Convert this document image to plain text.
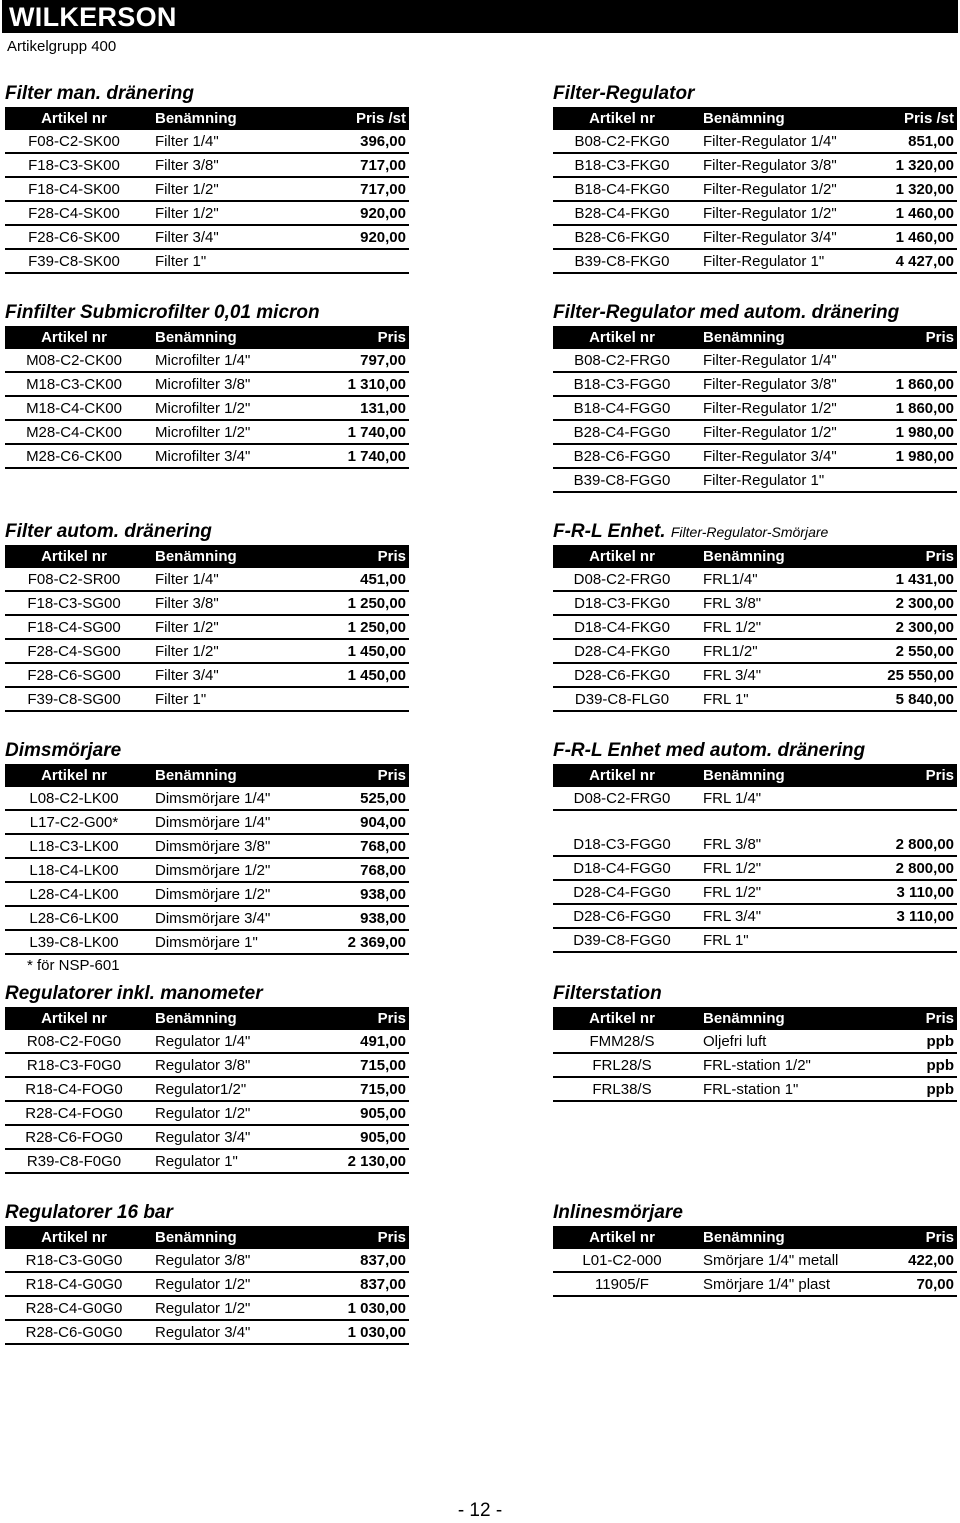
WILKERSON
Artikelgrupp 400
Filter man. dränering
Artikel nr	Benämning	Pris /st
F08-C2-SK00	Filter 1/4"	396,00
F18-C3-SK00	Filter 3/8"	717,00
F18-C4-SK00	Filter 1/2"	717,00
F28-C4-SK00	Filter 1/2"	920,00
F28-C6-SK00	Filter 3/4"	920,00
F39-C8-SK00	Filter 1"
Filter-Regulator
Artikel nr	Benämning	Pris /st
B08-C2-FKG0	Filter-Regulator 1/4"	851,00
B18-C3-FKG0	Filter-Regulator 3/8"	1 320,00
B18-C4-FKG0	Filter-Regulator 1/2"	1 320,00
B28-C4-FKG0	Filter-Regulator 1/2"	1 460,00
B28-C6-FKG0	Filter-Regulator 3/4"	1 460,00
B39-C8-FKG0	Filter-Regulator 1"	4 427,00
Finfilter Submicrofilter 0,01 micron
Artikel nr	Benämning	Pris
M08-C2-CK00	Microfilter 1/4"	797,00
M18-C3-CK00	Microfilter 3/8"	1 310,00
M18-C4-CK00	Microfilter 1/2"	131,00
M28-C4-CK00	Microfilter 1/2"	1 740,00
M28-C6-CK00	Microfilter 3/4"	1 740,00
Filter-Regulator med autom. dränering
Artikel nr	Benämning	Pris
B08-C2-FRG0	Filter-Regulator 1/4"
B18-C3-FGG0	Filter-Regulator 3/8"	1 860,00
B18-C4-FGG0	Filter-Regulator 1/2"	1 860,00
B28-C4-FGG0	Filter-Regulator 1/2"	1 980,00
B28-C6-FGG0	Filter-Regulator 3/4"	1 980,00
B39-C8-FGG0	Filter-Regulator 1"
Filter autom. dränering
Artikel nr	Benämning	Pris
F08-C2-SR00	Filter 1/4"	451,00
F18-C3-SG00	Filter 3/8"	1 250,00
F18-C4-SG00	Filter 1/2"	1 250,00
F28-C4-SG00	Filter 1/2"	1 450,00
F28-C6-SG00	Filter 3/4"	1 450,00
F39-C8-SG00	Filter 1"
F-R-L Enhet. Filter-Regulator-Smörjare
Artikel nr	Benämning	Pris
D08-C2-FRG0	FRL1/4"	1 431,00
D18-C3-FKG0	FRL 3/8"	2 300,00
D18-C4-FKG0	FRL 1/2"	2 300,00
D28-C4-FKG0	FRL1/2"	2 550,00
D28-C6-FKG0	FRL 3/4"	25 550,00
D39-C8-FLG0	FRL 1"	5 840,00
Dimsmörjare
Artikel nr	Benämning	Pris
L08-C2-LK00	Dimsmörjare 1/4"	525,00
L17-C2-G00*	Dimsmörjare 1/4"	904,00
L18-C3-LK00	Dimsmörjare 3/8"	768,00
L18-C4-LK00	Dimsmörjare 1/2"	768,00
L28-C4-LK00	Dimsmörjare 1/2"	938,00
L28-C6-LK00	Dimsmörjare 3/4"	938,00
L39-C8-LK00	Dimsmörjare 1"	2 369,00
* för NSP-601
F-R-L Enhet med autom. dränering
Artikel nr	Benämning	Pris
D08-C2-FRG0	FRL 1/4"
D18-C3-FGG0	FRL 3/8"	2 800,00
D18-C4-FGG0	FRL 1/2"	2 800,00
D28-C4-FGG0	FRL 1/2"	3 110,00
D28-C6-FGG0	FRL 3/4"	3 110,00
D39-C8-FGG0	FRL 1"
Regulatorer inkl. manometer
Artikel nr	Benämning	Pris
R08-C2-F0G0	Regulator 1/4"	491,00
R18-C3-F0G0	Regulator 3/8"	715,00
R18-C4-FOG0	Regulator1/2"	715,00
R28-C4-FOG0	Regulator 1/2"	905,00
R28-C6-FOG0	Regulator 3/4"	905,00
R39-C8-F0G0	Regulator 1"	2 130,00
Filterstation
Artikel nr	Benämning	Pris
FMM28/S	Oljefri luft	ppb
FRL28/S	FRL-station 1/2"	ppb
FRL38/S	FRL-station 1"	ppb
Regulatorer 16 bar
Artikel nr	Benämning	Pris
R18-C3-G0G0	Regulator 3/8"	837,00
R18-C4-G0G0	Regulator 1/2"	837,00
R28-C4-G0G0	Regulator 1/2"	1 030,00
R28-C6-G0G0	Regulator 3/4"	1 030,00
Inlinesmörjare
Artikel nr	Benämning	Pris
L01-C2-000	Smörjare 1/4" metall	422,00
11905/F	Smörjare 1/4" plast	70,00
- 12 -
